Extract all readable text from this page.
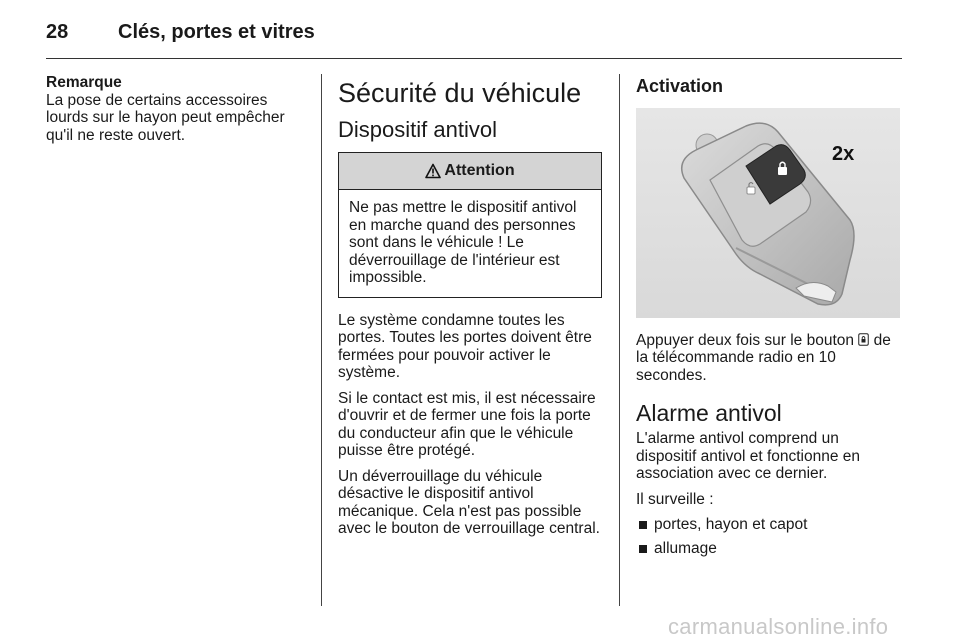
28 Clés, portes et vitres
Remarque
La pose de certains accessoires lourds sur le hayon peut empêcher qu'il ne reste ouvert.
Sécurité du véhicule
Dispositif antivol
Attention
Ne pas mettre le dispositif antivol en marche quand des personnes sont dans le véhicule ! Le déverrouillage de l'intérieur est impossible.

Le système condamne toutes les portes. Toutes les portes doivent être fermées pour pouvoir activer le système.

Si le contact est mis, il est nécessaire d'ouvrir et de fermer une fois la porte du conducteur afin que le véhicule puisse être protégé.

Un déverrouillage du véhicule désactive le dispositif antivol mécanique. Cela n'est pas possible avec le bouton de verrouillage central.

Activation
2x

Appuyer deux fois sur le bouton  de la télécommande radio en 10 secondes.

Alarme antivol

L'alarme antivol comprend un dispositif antivol et fonctionne en association avec ce dernier.

Il surveille :

portes, hayon et capot
allumage
carmanualsonline.info
